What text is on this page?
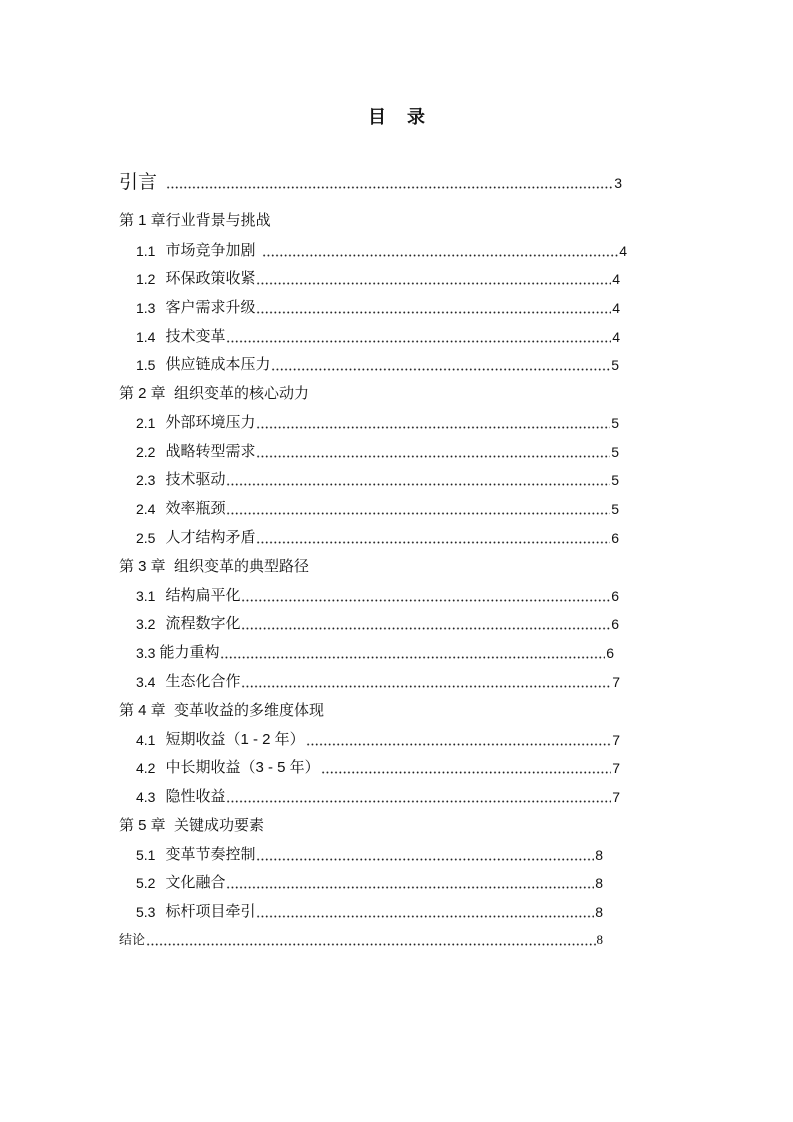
目 录
引言	3
第 1 章行业背景与挑战
1.1 市场竞争加剧	4
1.2 环保政策收紧	4
1.3 客户需求升级	4
1.4 技术变革	4
1.5 供应链成本压力	5
第 2 章  组织变革的核心动力
2.1 外部环境压力	5
2.2 战略转型需求	5
2.3 技术驱动	5
2.4 效率瓶颈	5
2.5 人才结构矛盾	6
第 3 章  组织变革的典型路径
3.1 结构扁平化	6
3.2 流程数字化	6
3.3 能力重构	6
3.4 生态化合作	7
第 4 章  变革收益的多维度体现
4.1 短期收益（1 - 2 年）	7
4.2 中长期收益（3 - 5 年）	7
4.3 隐性收益	7
第 5 章  关键成功要素
5.1 变革节奏控制	8
5.2 文化融合	8
5.3 标杆项目牵引	8
结论	8
